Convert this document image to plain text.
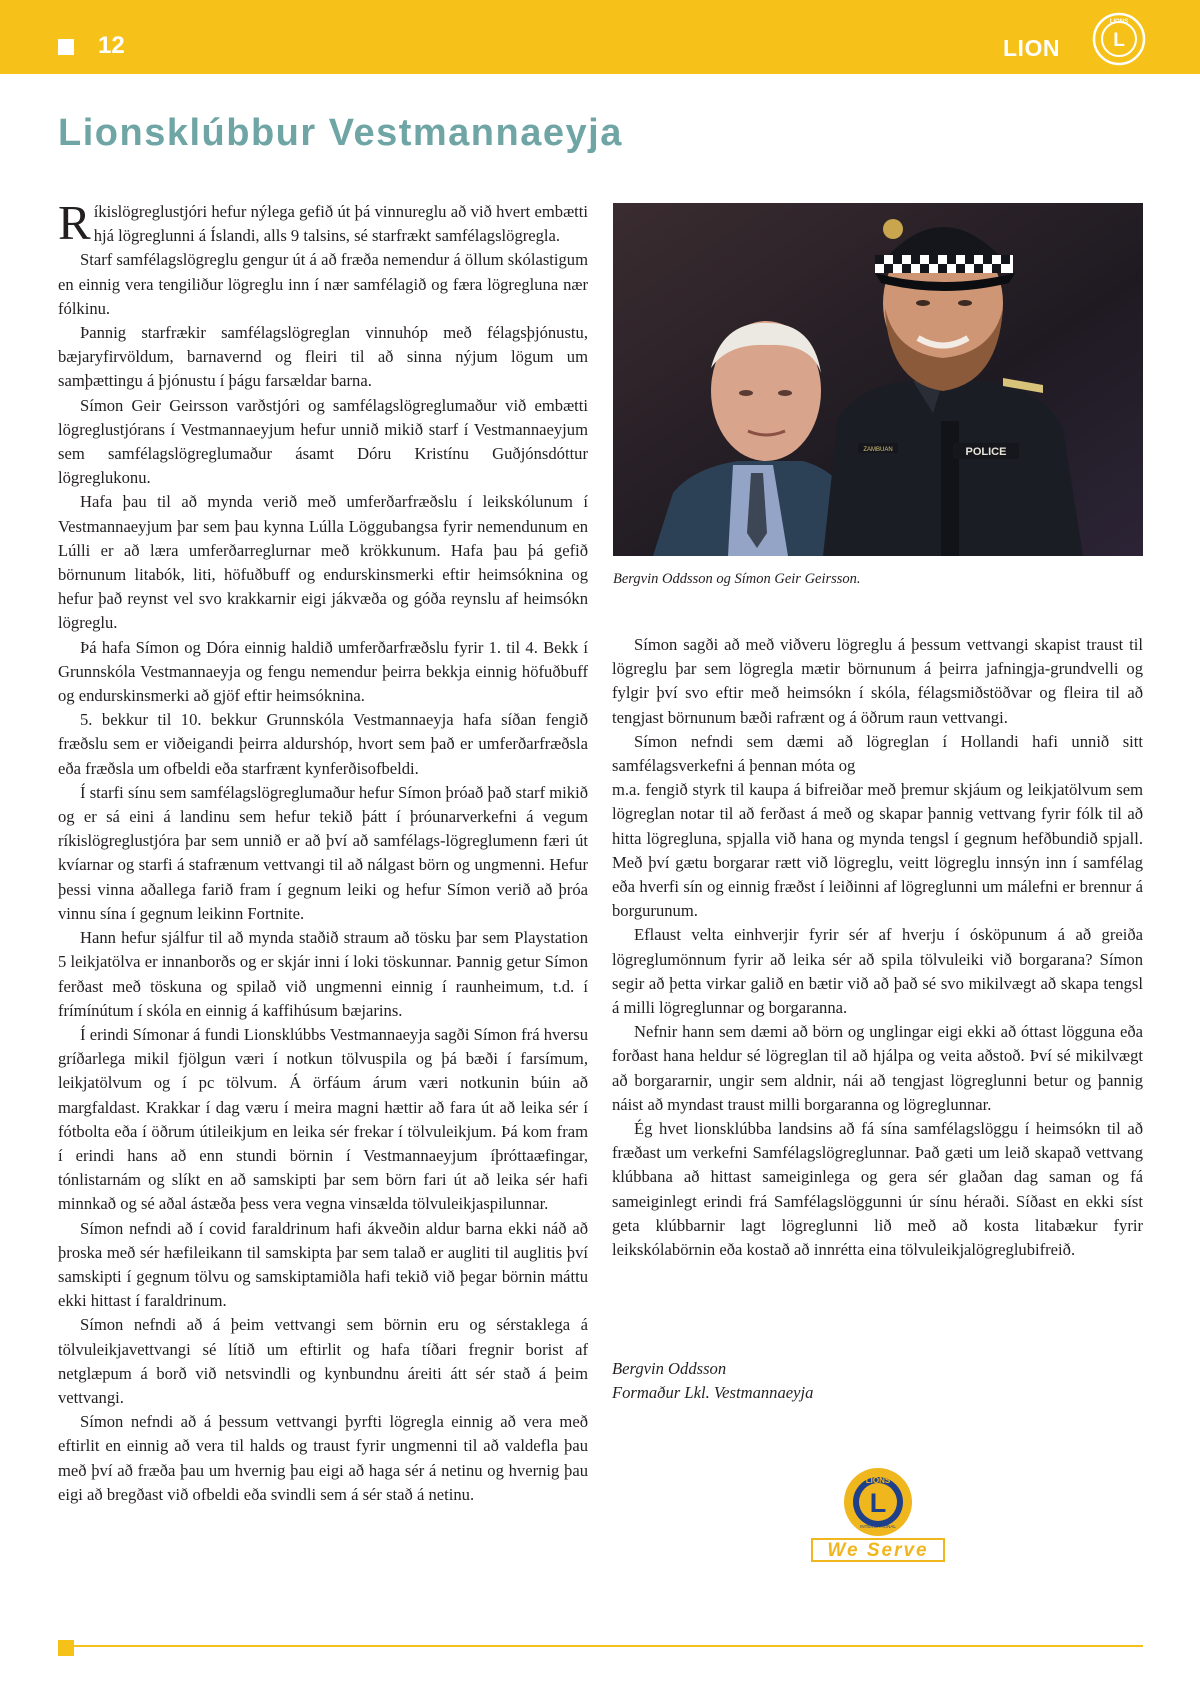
12	LION	L
LIONS
Lionsklúbbur Vestmannaeyja

Ríkislögreglustjóri hefur nýlega gefið út þá vinnureglu að við hvert embætti hjá lögreglunni á Íslandi, alls 9 talsins, sé starfrækt samfélagslögregla.

Starf samfélagslögreglu gengur út á að fræða nemendur á öllum skólastigum en einnig vera tengiliður lögreglu inn í nær samfélagið og færa lögregluna nær fólkinu.

Þannig starfrækir samfélagslögreglan vinnuhóp með félagsþjónustu, bæjaryfirvöldum, barnavernd og fleiri til að sinna nýjum lögum um samþættingu á þjónustu í þágu farsældar barna.

Símon Geir Geirsson varðstjóri og samfélagslögreglumaður við embætti lögreglustjórans í Vestmannaeyjum hefur unnið mikið starf í Vestmannaeyjum sem samfélagslögreglumaður ásamt Dóru Kristínu Guðjónsdóttur lögreglukonu.

Hafa þau til að mynda verið með umferðarfræðslu í leikskólunum í Vestmannaeyjum þar sem þau kynna Lúlla Löggubangsa fyrir nemendunum en Lúlli er að læra umferðarreglurnar með krökkunum. Hafa þau þá gefið börnunum litabók, liti, höfuðbuff og endurskinsmerki eftir heimsóknina og hefur það reynst vel svo krakkarnir eigi jákvæða og góða reynslu af heimsókn lögreglu.

Þá hafa Símon og Dóra einnig haldið umferðarfræðslu fyrir 1. til 4. Bekk í Grunnskóla Vestmannaeyja og fengu nemendur þeirra bekkja einnig höfuðbuff og endurskinsmerki að gjöf eftir heimsóknina.

5. bekkur til 10. bekkur Grunnskóla Vestmannaeyja hafa síðan fengið fræðslu sem er viðeigandi þeirra aldurshóp, hvort sem það er umferðarfræðsla eða fræðsla um ofbeldi eða starfrænt kynferðisofbeldi.

Í starfi sínu sem samfélagslögreglumaður hefur Símon þróað það starf mikið og er sá eini á landinu sem hefur tekið þátt í þróunarverkefni á vegum ríkislögreglustjóra þar sem unnið er að því að samfélags-lögreglumenn færi út kvíarnar og starfi á stafrænum vettvangi til að nálgast börn og ungmenni. Hefur þessi vinna aðallega farið fram í gegnum leiki og hefur Símon verið að þróa vinnu sína í gegnum leikinn Fortnite.

Hann hefur sjálfur til að mynda staðið straum að tösku þar sem Playstation 5 leikjatölva er innanborðs og er skjár inni í loki töskunnar. Þannig getur Símon ferðast með töskuna og spilað við ungmenni einnig í raunheimum, t.d. í frímínútum í skóla en einnig á kaffihúsum bæjarins.

Í erindi Símonar á fundi Lionsklúbbs Vestmannaeyja sagði Símon frá hversu gríðarlega mikil fjölgun væri í notkun tölvuspila og þá bæði í farsímum, leikjatölvum og í pc tölvum. Á örfáum árum væri notkunin búin að margfaldast. Krakkar í dag væru í meira magni hættir að fara út að leika sér í fótbolta eða í öðrum útileikjum en leika sér frekar í tölvuleikjum. Þá kom fram í erindi hans að enn stundi börnin í Vestmannaeyjum íþróttaæfingar, tónlistarnám og slíkt en að samskipti þar sem börn fari út að leika sér hafi minnkað og sé aðal ástæða þess vera vegna vinsælda tölvuleikjaspilunnar.

Símon nefndi að í covid faraldrinum hafi ákveðin aldur barna ekki náð að þroska með sér hæfileikann til samskipta þar sem talað er augliti til auglitis því samskipti í gegnum tölvu og samskiptamiðla hafi tekið við þegar börnin máttu ekki hittast í faraldrinum.

Símon nefndi að á þeim vettvangi sem börnin eru og sérstaklega á tölvuleikjavettvangi sé lítið um eftirlit og hafa tíðari fregnir borist af netglæpum á borð við netsvindli og kynbundnu áreiti átt sér stað á þeim vettvangi.

Símon nefndi að á þessum vettvangi þyrfti lögregla einnig að vera með eftirlit en einnig að vera til halds og traust fyrir ungmenni til að valdefla þau með því að fræða þau um hvernig þau eigi að haga sér á netinu og hvernig þau eigi að bregðast við ofbeldi eða svindli sem á sér stað á netinu.

POLICE
ZAMBUAN
Bergvin Oddsson og Símon Geir Geirsson.

Símon sagði að með viðveru lögreglu á þessum vettvangi skapist traust til lögreglu þar sem lögregla mætir börnunum á þeirra jafningja-grundvelli og fylgir því svo eftir með heimsókn í skóla, félagsmiðstöðvar og fleira til að tengjast börnunum bæði rafrænt og á öðrum raun vettvangi.

Símon nefndi sem dæmi að lögreglan í Hollandi hafi unnið sitt samfélagsverkefni á þennan móta og

m.a. fengið styrk til kaupa á bifreiðar með þremur skjáum og leikjatölvum sem lögreglan notar til að ferðast á með og skapar þannig vettvang fyrir fólk til að hitta lögregluna, spjalla við hana og mynda tengsl í gegnum hefðbundið spjall. Með því gætu borgarar rætt við lögreglu, veitt lögreglu innsýn inn í samfélag eða hverfi sín og einnig fræðst í leiðinni af lögreglunni um málefni er brennur á borgurunum.

Eflaust velta einhverjir fyrir sér af hverju í ósköpunum á að greiða lögreglumönnum fyrir að leika sér að spila tölvuleiki við borgarana? Símon segir að þetta virkar galið en bætir við að það sé svo mikilvægt að skapa tengsl á milli lögreglunnar og borgaranna.

Nefnir hann sem dæmi að börn og unglingar eigi ekki að óttast lögguna eða forðast hana heldur sé lögreglan til að hjálpa og veita aðstoð. Því sé mikilvægt að borgararnir, ungir sem aldnir, nái að tengjast lögreglunni betur og þannig náist að myndast traust milli borgaranna og lögreglunnar.

Ég hvet lionsklúbba landsins að fá sína samfélagslöggu í heimsókn til að fræðast um verkefni Samfélagslögreglunnar. Það gæti um leið skapað vettvang klúbbana að hittast sameiginlega og gera sér glaðan dag saman og fá sameiginlegt erindi frá Samfélagslöggunni úr sínu héraði. Síðast en ekki síst geta klúbbarnir lagt lögreglunni lið með að kosta litabækur fyrir leikskólabörnin eða kostað að innrétta eina tölvuleikjalögreglubifreið.

Bergvin Oddsson
Formaður Lkl. Vestmannaeyja
L
LIONS
INTERNATIONAL
We Serve
